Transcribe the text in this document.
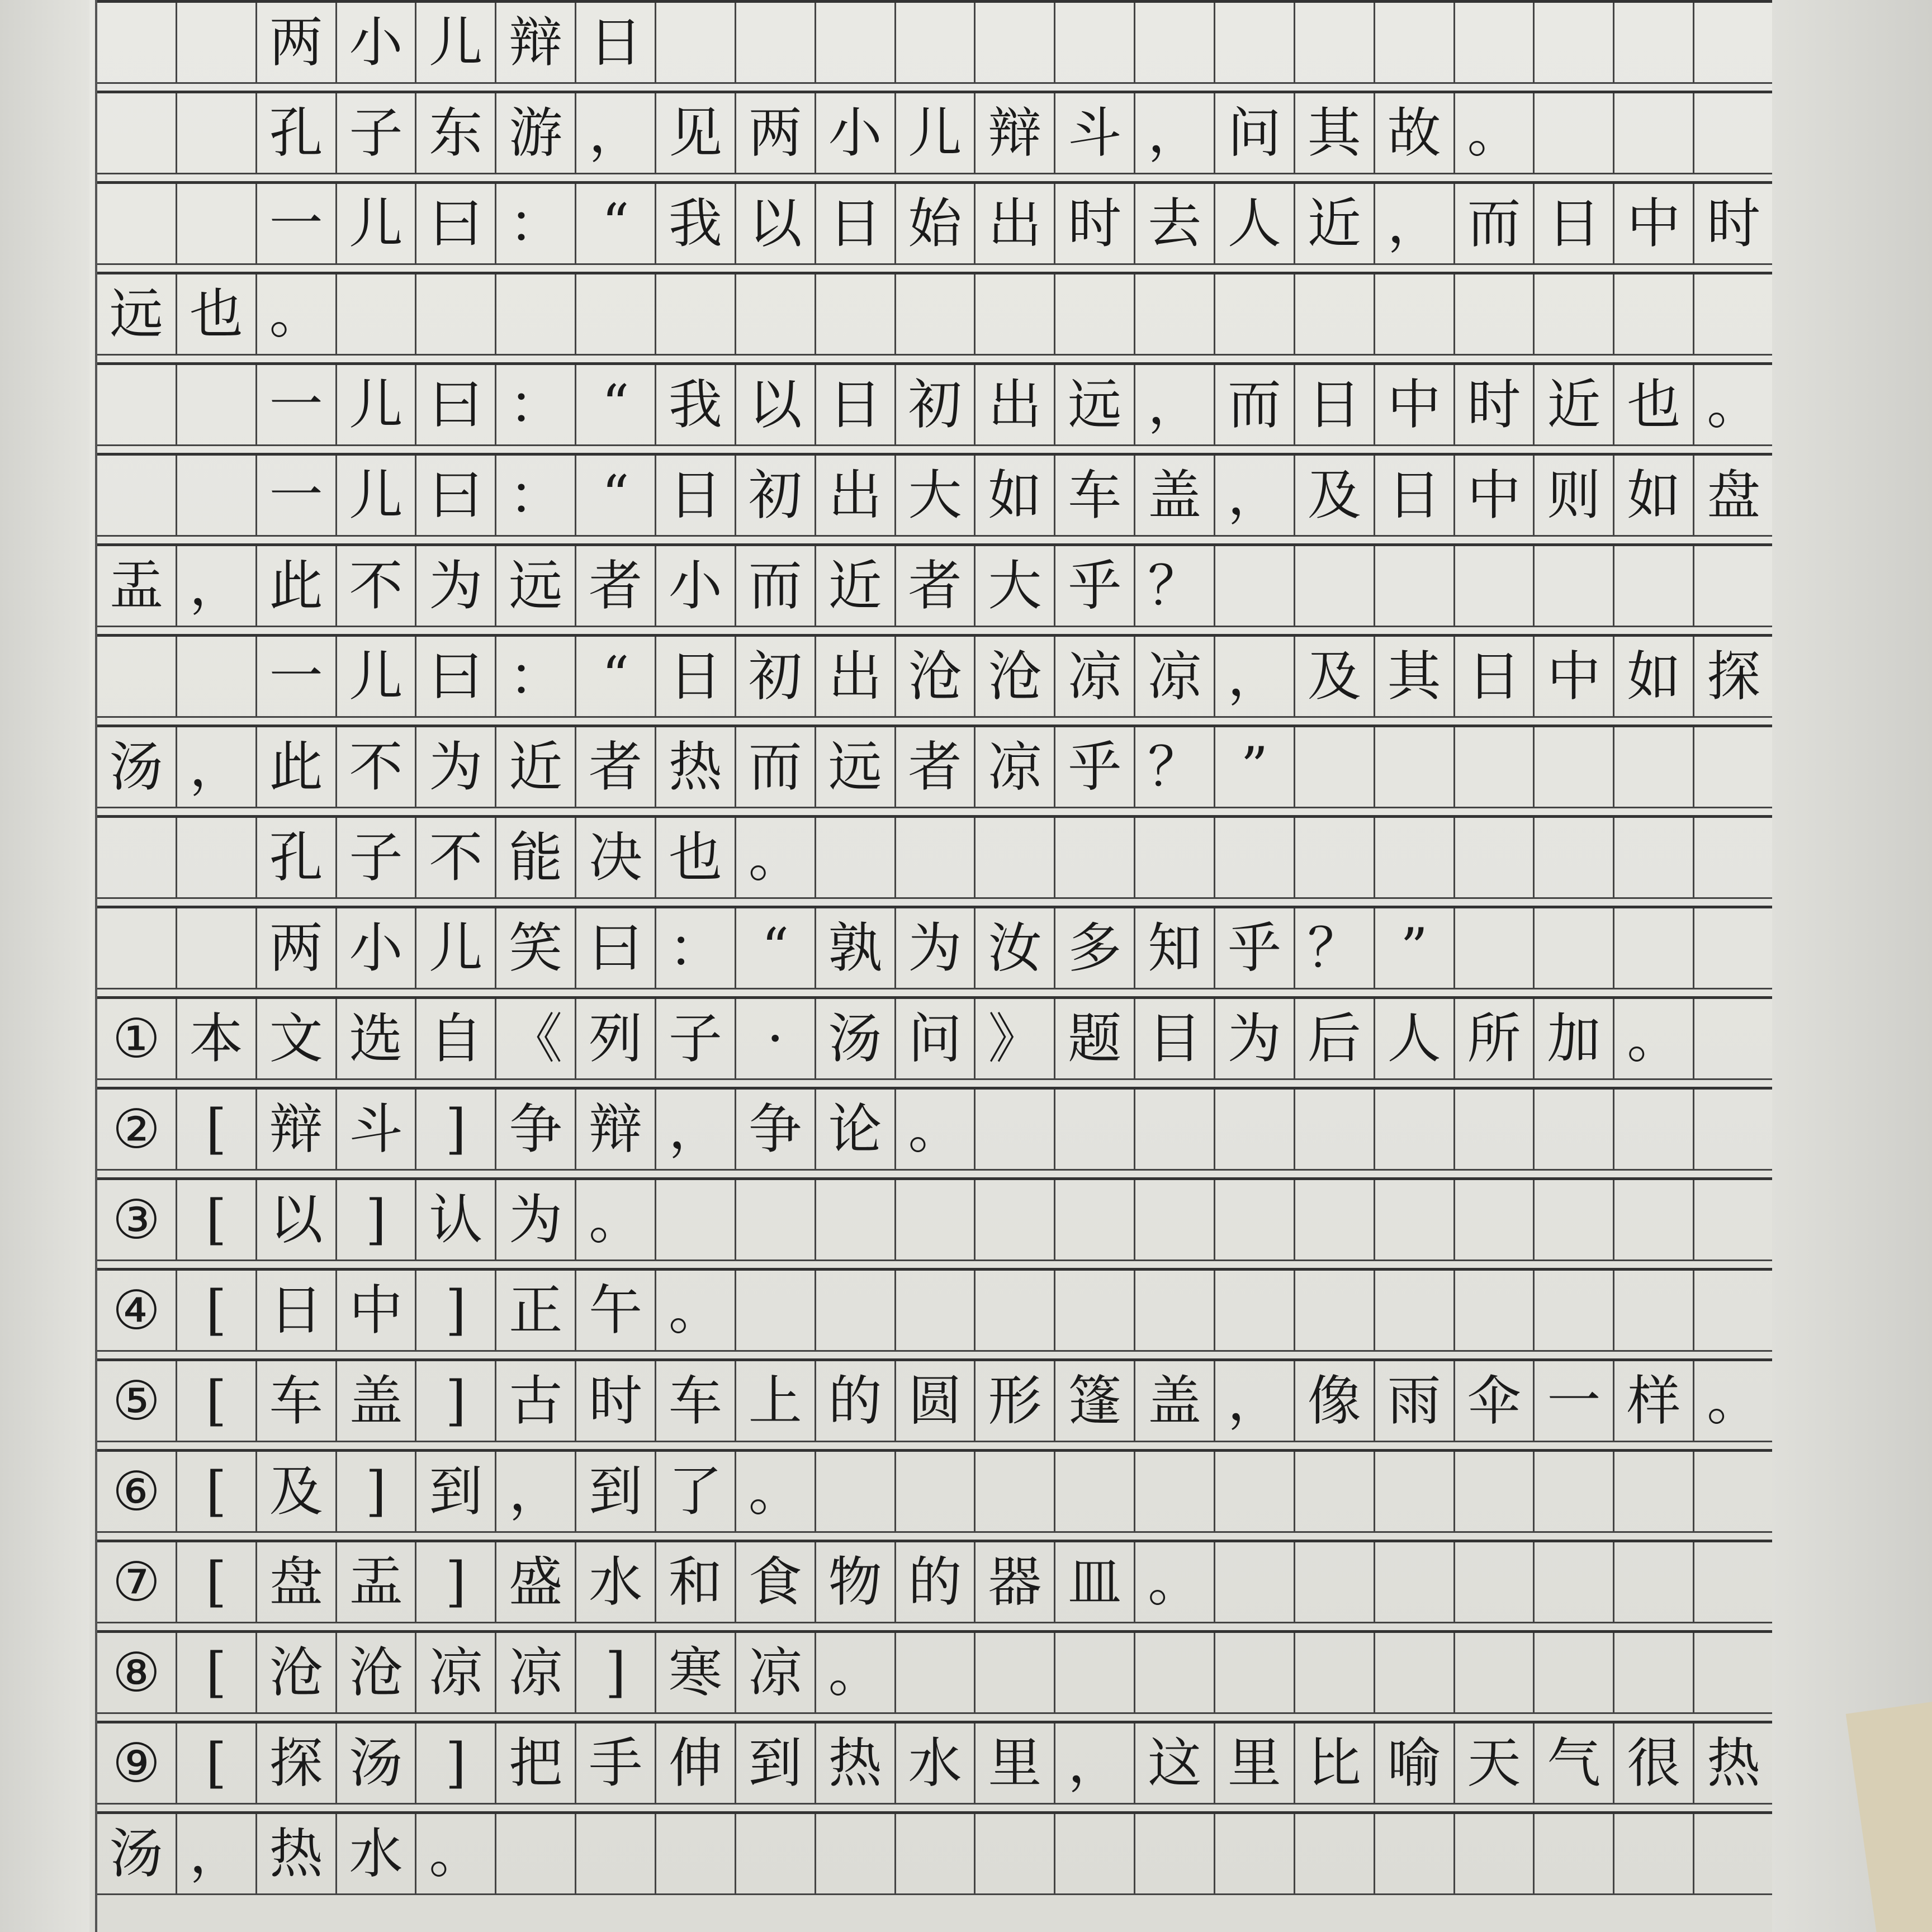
两 小 儿 辩 日
孔 子 东 游 ， 见 两 小 儿 辩 斗 ， 问 其 故 。
一 儿 曰 ： “ 我 以 日 始 出 时 去 人 近 ， 而 日 中 时
远 也 。
一 儿 曰 ： “ 我 以 日 初 出 远 ， 而 日 中 时 近 也 。
一 儿 曰 ： “ 日 初 出 大 如 车 盖 ， 及 日 中 则 如 盘
盂 ， 此 不 为 远 者 小 而 近 者 大 乎 ？
一 儿 曰 ： “ 日 初 出 沧 沧 凉 凉 ， 及 其 日 中 如 探
汤 ， 此 不 为 近 者 热 而 远 者 凉 乎 ？ ”
孔 子 不 能 决 也 。
两 小 儿 笑 曰 ： “ 孰 为 汝 多 知 乎 ？ ”
① 本 文 选 自 《 列 子 · 汤 问 》 题 目 为 后 人 所 加 。
② [ 辩 斗 ] 争 辩 ， 争 论 。
③ [ 以 ] 认 为 。
④ [ 日 中 ] 正 午 。
⑤ [ 车 盖 ] 古 时 车 上 的 圆 形 篷 盖 ， 像 雨 伞 一 样 。
⑥ [ 及 ] 到 ， 到 了 。
⑦ [ 盘 盂 ] 盛 水 和 食 物 的 器 皿 。
⑧ [ 沧 沧 凉 凉 ] 寒 凉 。
⑨ [ 探 汤 ] 把 手 伸 到 热 水 里 ， 这 里 比 喻 天 气 很 热
汤 ， 热 水 。
